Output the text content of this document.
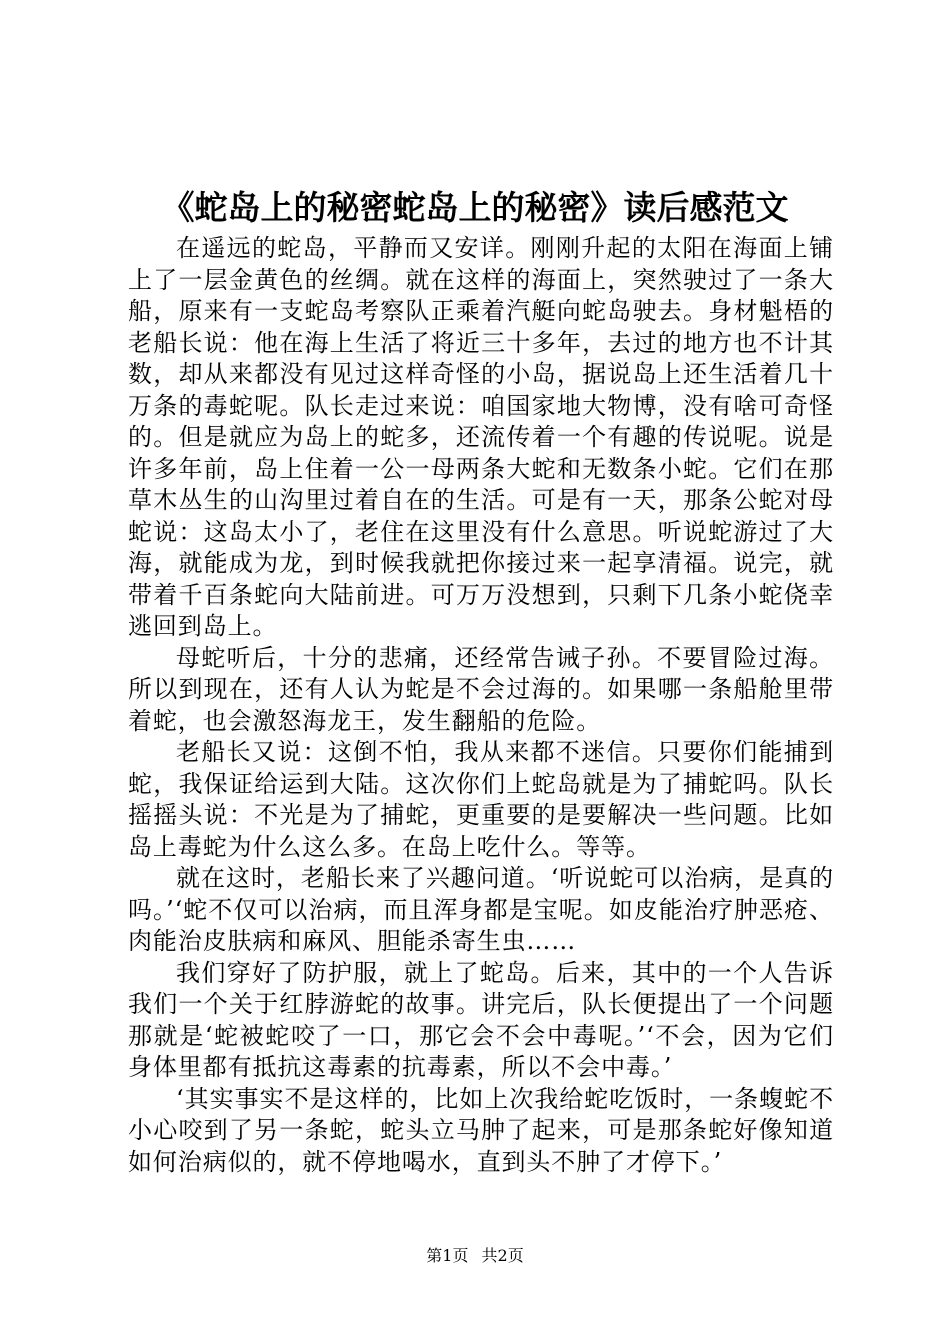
《蛇岛上的秘密蛇岛上的秘密》读后感范文

在遥远的蛇岛，平静而又安详。刚刚升起的太阳在海面上铺上了一层金黄色的丝绸。就在这样的海面上，突然驶过了一条大船，原来有一支蛇岛考察队正乘着汽艇向蛇岛驶去。身材魁梧的老船长说：他在海上生活了将近三十多年，去过的地方也不计其数，却从来都没有见过这样奇怪的小岛，据说岛上还生活着几十万条的毒蛇呢。队长走过来说：咱国家地大物博，没有啥可奇怪的。但是就应为岛上的蛇多，还流传着一个有趣的传说呢。说是许多年前，岛上住着一公一母两条大蛇和无数条小蛇。它们在那草木丛生的山沟里过着自在的生活。可是有一天，那条公蛇对母蛇说：这岛太小了，老住在这里没有什么意思。听说蛇游过了大海，就能成为龙，到时候我就把你接过来一起享清福。说完，就带着千百条蛇向大陆前进。可万万没想到，只剩下几条小蛇侥幸逃回到岛上。

母蛇听后，十分的悲痛，还经常告诫子孙。不要冒险过海。所以到现在，还有人认为蛇是不会过海的。如果哪一条船舱里带着蛇，也会激怒海龙王，发生翻船的危险。

老船长又说：这倒不怕，我从来都不迷信。只要你们能捕到蛇，我保证给运到大陆。这次你们上蛇岛就是为了捕蛇吗。队长摇摇头说：不光是为了捕蛇，更重要的是要解决一些问题。比如岛上毒蛇为什么这么多。在岛上吃什么。等等。

就在这时，老船长来了兴趣问道。‘听说蛇可以治病，是真的吗。’‘蛇不仅可以治病，而且浑身都是宝呢。如皮能治疗肿恶疮、肉能治皮肤病和麻风、胆能杀寄生虫……

我们穿好了防护服，就上了蛇岛。后来，其中的一个人告诉我们一个关于红脖游蛇的故事。讲完后，队长便提出了一个问题那就是‘蛇被蛇咬了一口，那它会不会中毒呢。’‘不会，因为它们身体里都有抵抗这毒素的抗毒素，所以不会中毒。’

‘其实事实不是这样的，比如上次我给蛇吃饭时，一条蝮蛇不小心咬到了另一条蛇，蛇头立马肿了起来，可是那条蛇好像知道如何治病似的，就不停地喝水，直到头不肿了才停下。’

第1页 共2页
